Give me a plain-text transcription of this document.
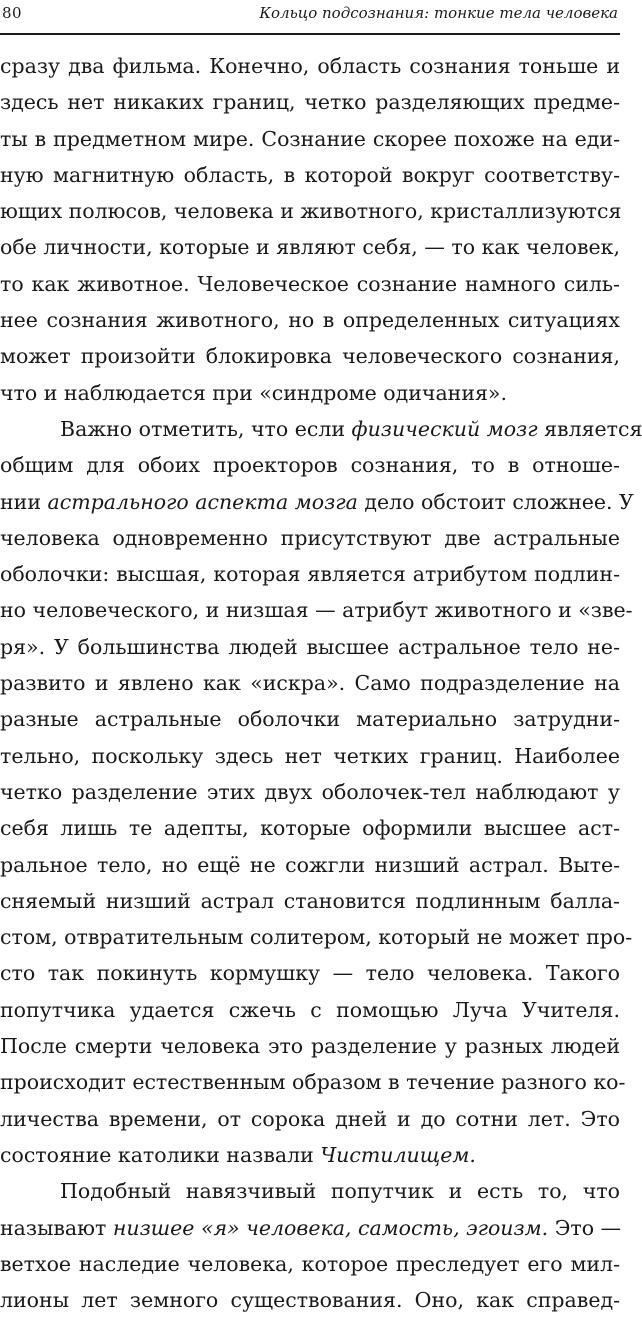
80	Кольцо подсознания: тонкие тела человека
сразу два фильма. Конечно, область сознания тоньше и
здесь нет никаких границ, четко разделяющих предме-
ты в предметном мире. Сознание скорее похоже на еди-
ную магнитную область, в которой вокруг соответству-
ющих полюсов, человека и животного, кристаллизуются
обе личности, которые и являют себя, — то как человек,
то как животное. Человеческое сознание намного силь-
нее сознания животного, но в определенных ситуациях
может произойти блокировка человеческого сознания,
что и наблюдается при «синдроме одичания».
Важно отметить, что если физический мозг является
общим для обоих проекторов сознания, то в отноше-
нии астрального аспекта мозга дело обстоит сложнее. У
человека одновременно присутствуют две астральные
оболочки: высшая, которая является атрибутом подлин-
но человеческого, и низшая — атрибут животного и «зве-
ря». У большинства людей высшее астральное тело не-
развито и явлено как «искра». Само подразделение на
разные астральные оболочки материально затрудни-
тельно, поскольку здесь нет четких границ. Наиболее
четко разделение этих двух оболочек-тел наблюдают у
себя лишь те адепты, которые оформили высшее аст-
ральное тело, но ещё не сожгли низший астрал. Выте-
сняемый низший астрал становится подлинным балла-
стом, отвратительным солитером, который не может про-
сто так покинуть кормушку — тело человека. Такого
попутчика удается сжечь с помощью Луча Учителя.
После смерти человека это разделение у разных людей
происходит естественным образом в течение разного ко-
личества времени, от сорока дней и до сотни лет. Это
состояние католики назвали Чистилищем.
Подобный навязчивый попутчик и есть то, что
называют низшее «я» человека, самость, эгоизм. Это —
ветхое наследие человека, которое преследует его мил-
лионы лет земного существования. Оно, как справед-
